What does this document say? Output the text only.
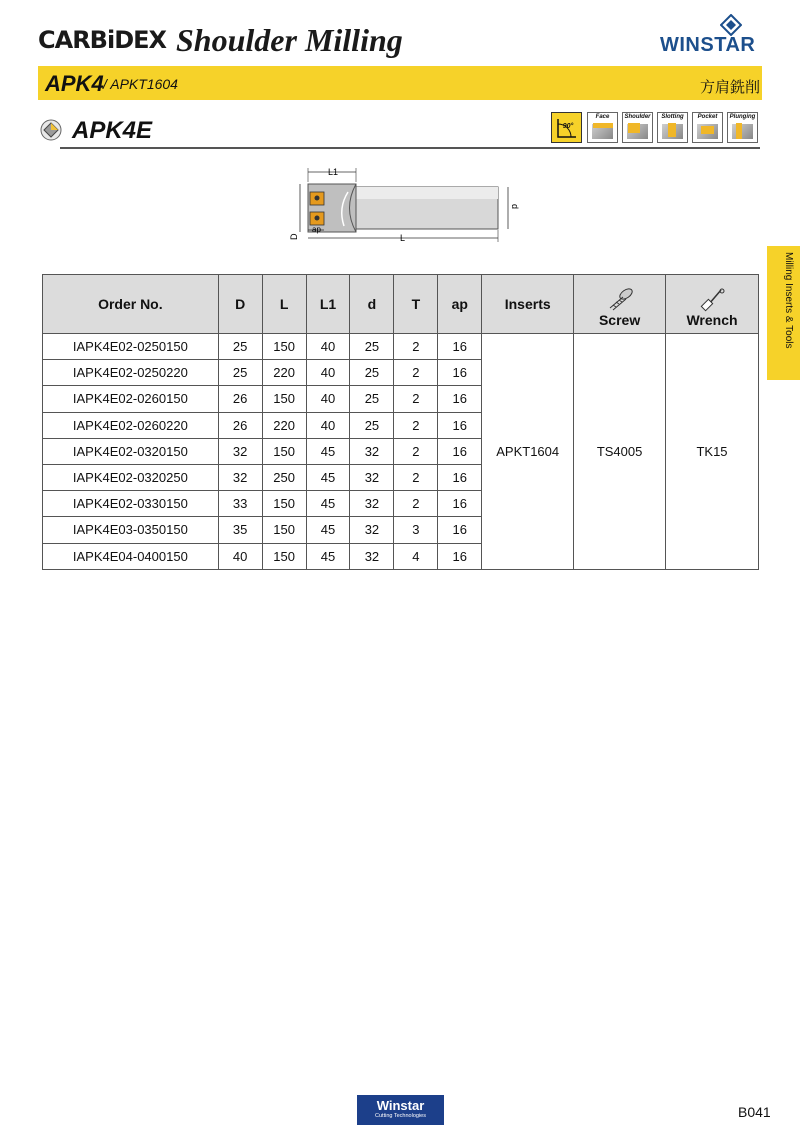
CARBiDEX Shoulder Milling	WINSTAR
APK4 / APKT1604	方肩銑削
APK4E	90°
Face	Shoulder	Slotting	Pocket	Plunging
L1
L
ap
D
d
Milling Inserts & Tools
Order No.	D	L	L1	d	T	ap	Inserts	Screw	Wrench
IAPK4E02-0250150	25	150	40	25	2	16	APKT1604	TS4005	TK15
IAPK4E02-0250220	25	220	40	25	2	16			
IAPK4E02-0260150	26	150	40	25	2	16			
IAPK4E02-0260220	26	220	40	25	2	16			
IAPK4E02-0320150	32	150	45	32	2	16			
IAPK4E02-0320250	32	250	45	32	2	16			
IAPK4E02-0330150	33	150	45	32	2	16			
IAPK4E03-0350150	35	150	45	32	3	16			
IAPK4E04-0400150	40	150	45	32	4	16			
Winstar
Cutting Technologies	B041
